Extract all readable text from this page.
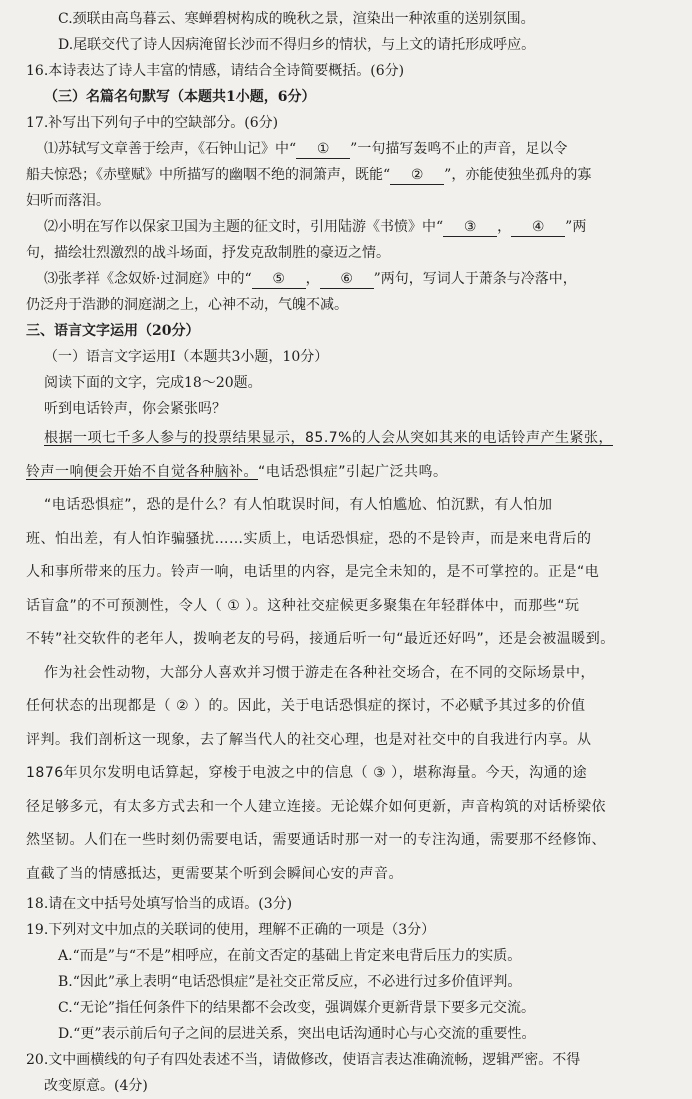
C.颈联由高鸟暮云、寒蝉碧树构成的晚秋之景，渲染出一种浓重的送别氛围。
D.尾联交代了诗人因病淹留长沙而不得归乡的情状，与上文的请托形成呼应。
16.本诗表达了诗人丰富的情感，请结合全诗简要概括。(6分)
（三）名篇名句默写（本题共1小题，6分）
17.补写出下列句子中的空缺部分。(6分)
⑴苏轼写文章善于绘声，《石钟山记》中“ ① ”一句描写轰鸣不止的声音，足以令
船夫惊恐；《赤壁赋》中所描写的幽咽不绝的洞箫声，既能“ ② ”，亦能使独坐孤舟的寡
妇听而落泪。
⑵小明在写作以保家卫国为主题的征文时，引用陆游《书愤》中“ ③ ， ④ ”两
句，描绘壮烈激烈的战斗场面，抒发克敌制胜的豪迈之情。
⑶张孝祥《念奴娇·过洞庭》中的“ ⑤ ， ⑥ ”两句，写词人于萧条与冷落中，
仍泛舟于浩渺的洞庭湖之上，心神不动，气魄不减。
三、语言文字运用（20分）
（一）语言文字运用Ⅰ（本题共3小题，10分）
阅读下面的文字，完成18～20题。
听到电话铃声，你会紧张吗？
根据一项七千多人参与的投票结果显示，85.7%的人会从突如其来的电话铃声产生紧张，
铃声一响便会开始不自觉各种脑补。“电话恐惧症”引起广泛共鸣。
“电话恐惧症”，恐的是什么？有人怕耽误时间，有人怕尴尬、怕沉默，有人怕加
班、怕出差，有人怕诈骗骚扰……实质上，电话恐惧症，恐的不是铃声，而是来电背后的
人和事所带来的压力。铃声一响，电话里的内容，是完全未知的，是不可掌控的。正是“电
话盲盒”的不可预测性，令人（ ① ）。这种社交症候更多聚集在年轻群体中，而那些“玩
不转”社交软件的老年人，拨响老友的号码，接通后听一句“最近还好吗”，还是会被温暖到。
作为社会性动物，大部分人喜欢并习惯于游走在各种社交场合，在不同的交际场景中，
任何状态的出现都是（ ② ）的。因此，关于电话恐惧症的探讨，不必赋予其过多的价值
评判。我们剖析这一现象，去了解当代人的社交心理，也是对社交中的自我进行内享。从
1876年贝尔发明电话算起，穿梭于电波之中的信息（ ③ ），堪称海量。今天，沟通的途
径足够多元，有太多方式去和一个人建立连接。无论媒介如何更新，声音构筑的对话桥梁依
然坚韧。人们在一些时刻仍需要电话，需要通话时那一对一的专注沟通，需要那不经修饰、
直截了当的情感抵达，更需要某个听到会瞬间心安的声音。
18.请在文中括号处填写恰当的成语。(3分)
19.下列对文中加点的关联词的使用，理解不正确的一项是（3分）
A.“而是”与“不是”相呼应，在前文否定的基础上肯定来电背后压力的实质。
B.“因此”承上表明“电话恐惧症”是社交正常反应，不必进行过多价值评判。
C.“无论”指任何条件下的结果都不会改变，强调媒介更新背景下要多元交流。
D.“更”表示前后句子之间的层进关系，突出电话沟通时心与心交流的重要性。
20.文中画横线的句子有四处表述不当，请做修改，使语言表达准确流畅，逻辑严密。不得
改变原意。(4分)
